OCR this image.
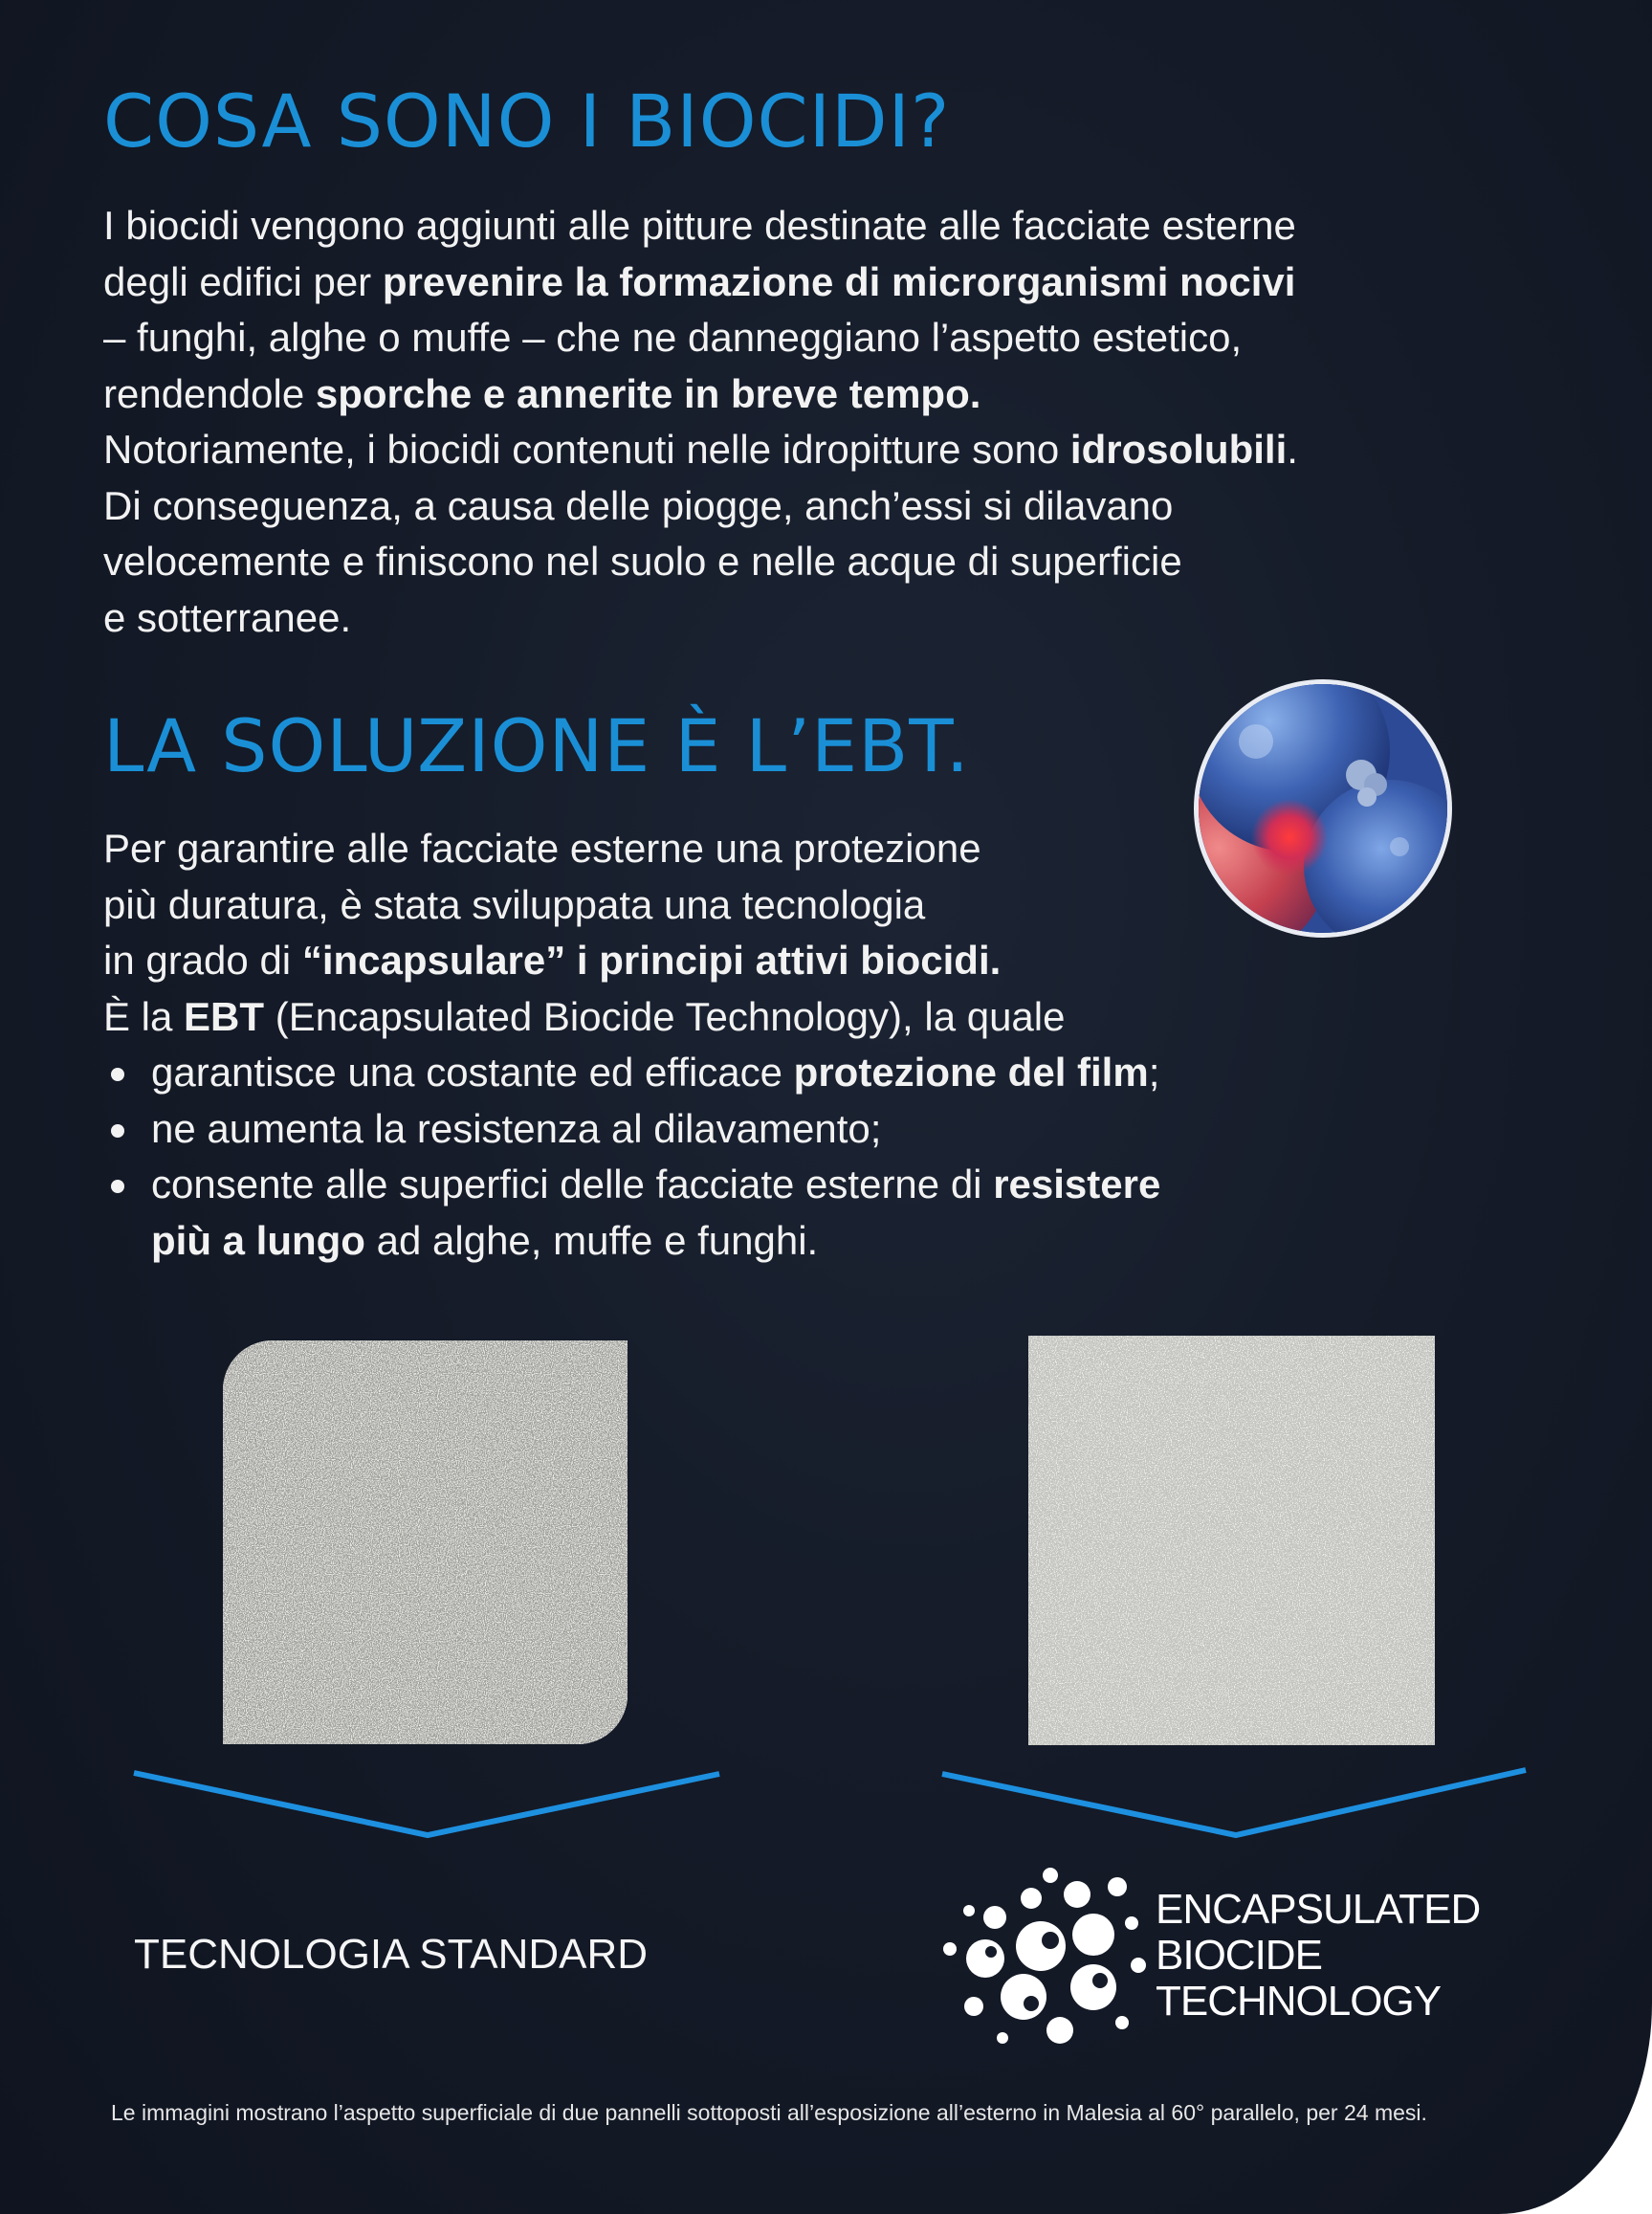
COSA SONO I BIOCIDI?

I biocidi vengono aggiunti alle pitture destinate alle facciate esterne

degli edifici per prevenire la formazione di microrganismi nocivi

– funghi, alghe o muffe – che ne danneggiano l’aspetto estetico,

rendendole sporche e annerite in breve tempo.

Notoriamente, i biocidi contenuti nelle idropitture sono idrosolubili.

Di conseguenza, a causa delle piogge, anch’essi si dilavano

velocemente e finiscono nel suolo e nelle acque di superficie

e sotterranee.

LA SOLUZIONE È L’EBT.

Per garantire alle facciate esterne una protezione

più duratura, è stata sviluppata una tecnologia

in grado di “incapsulare” i principi attivi biocidi.

È la EBT (Encapsulated Biocide Technology), la quale

garantisce una costante ed efficace protezione del film;
ne aumenta la resistenza al dilavamento;
consente alle superfici delle facciate esterne di resistere
più a lungo ad alghe, muffe e funghi.

TECNOLOGIA STANDARD

ENCAPSULATED
BIOCIDE
TECHNOLOGY

Le immagini mostrano l’aspetto superficiale di due pannelli sottoposti all’esposizione all’esterno in Malesia al 60° parallelo, per 24 mesi.
